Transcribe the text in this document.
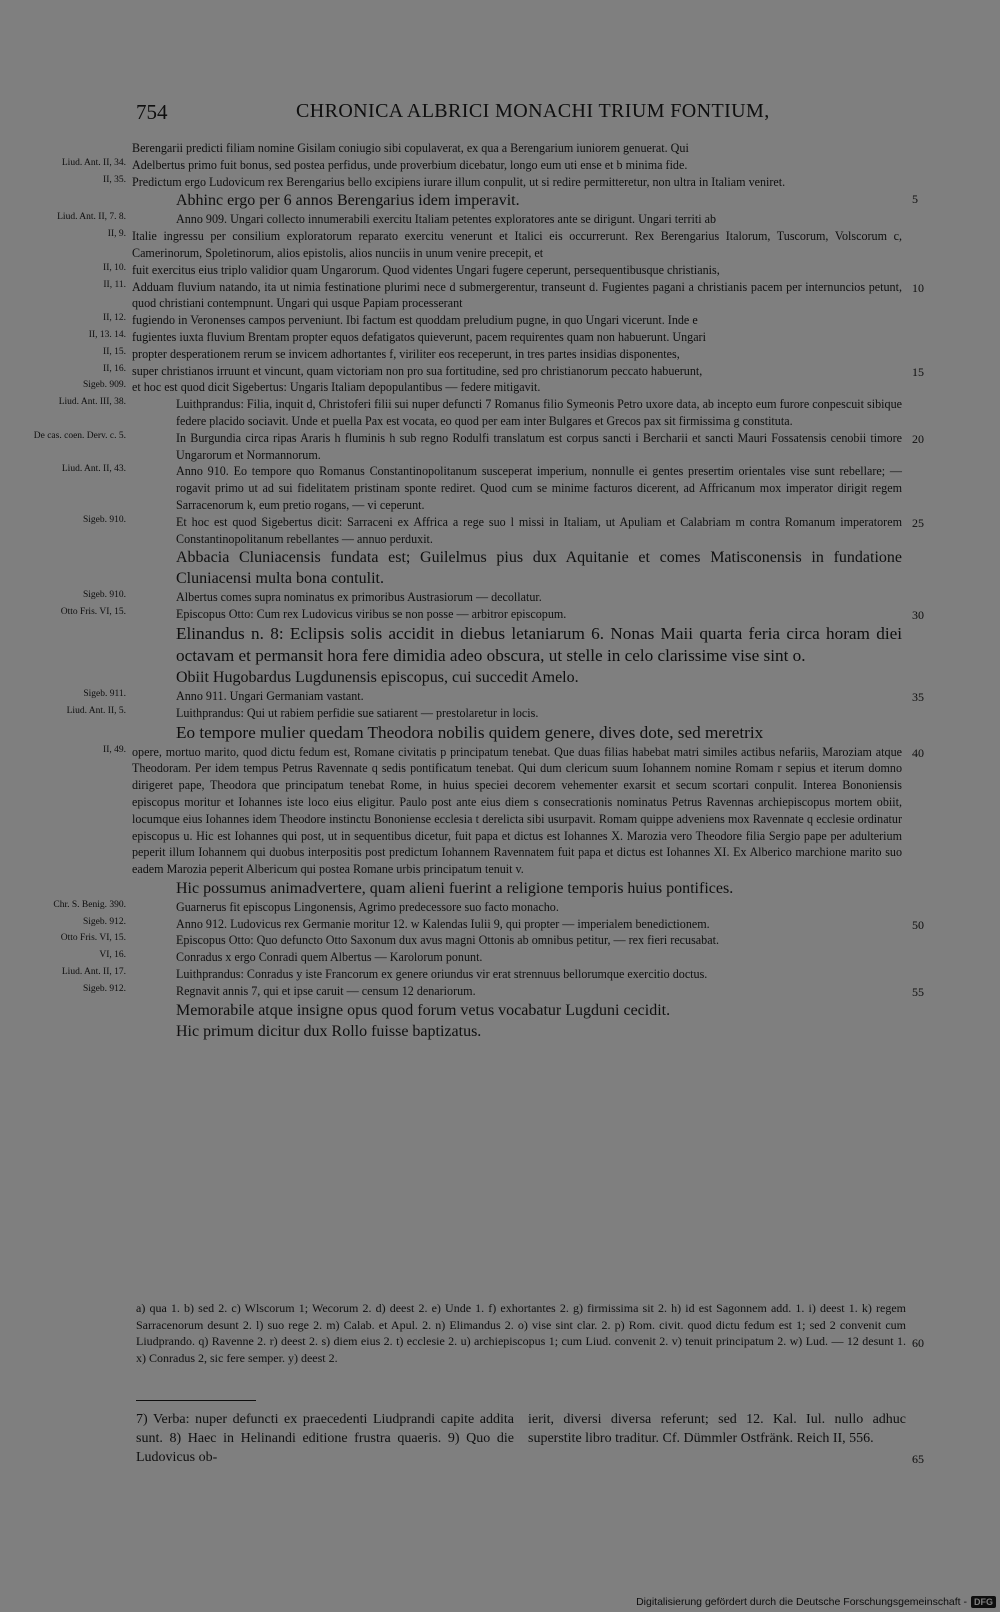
754	CHRONICA ALBRICI MONACHI TRIUM FONTIUM,
Berengarii predicti filiam nomine Gisilam coniugio sibi copulaverat, ex qua a Berengarium iuniorem genuerat. Qui
Liud. Ant. II, 34. Adelbertus primo fuit bonus, sed postea perfidus, unde proverbium dicebatur, longo eum uti ense et b minima fide.
II, 35. Predictum ergo Ludovicum rex Berengarius bello excipiens iurare illum conpulit, ut si redire permitteretur, non ultra in Italiam veniret.
Abhinc ergo per 6 annos Berengarius idem imperavit.	5
Liud. Ant. II, 7. 8.	Anno 909. Ungari collecto innumerabili exercitu Italiam petentes exploratores ante se dirigunt. Ungari territi ab
II, 9. Italie ingressu per consilium exploratorum reparato exercitu venerunt et Italici eis occurrerunt. Rex Berengarius Italorum, Tuscorum, Volscorum c, Camerinorum, Spoletinorum, alios epistolis, alios nunciis in unum venire precepit, et
II, 10. fuit exercitus eius triplo validior quam Ungarorum. Quod videntes Ungari fugere ceperunt, persequentibusque christianis,
II, 11. Adduam fluvium natando, ita ut nimia festinatione plurimi nece d submergerentur, transeunt d. Fugientes pagani a christianis pacem per internuncios petunt, quod christiani contempnunt. Ungari qui usque Papiam processerant
10
II, 12. fugiendo in Veronenses campos perveniunt. Ibi factum est quoddam preludium pugne, in quo Ungari vicerunt. Inde e
II, 13. 14. fugientes iuxta fluvium Brentam propter equos defatigatos quieverunt, pacem requirentes quam non habuerunt. Ungari
II, 15. propter desperationem rerum se invicem adhortantes f, viriliter eos receperunt, in tres partes insidias disponentes,
II, 16. super christianos irruunt et vincunt, quam victoriam non pro sua fortitudine, sed pro christianorum peccato habuerunt,	15
Sigeb. 909. et hoc est quod dicit Sigebertus: Ungaris Italiam depopulantibus — federe mitigavit.
Liud. Ant. III, 38.	Luithprandus: Filia, inquit d, Christoferi filii sui nuper defuncti 7 Romanus filio Symeonis Petro uxore data, ab incepto eum furore conpescuit sibique federe placido sociavit. Unde et puella Pax est vocata, eo quod per eam inter Bulgares et Grecos pax sit firmissima g constituta.
De cas. coen. Derv. c. 5.	In Burgundia circa ripas Araris h fluminis h sub regno Rodulfi translatum est corpus sancti i Bercharii et sancti Mauri Fossatensis cenobii timore Ungarorum et Normannorum.
20
Liud. Ant. II, 43.	Anno 910. Eo tempore quo Romanus Constantinopolitanum susceperat imperium, nonnulle ei gentes presertim orientales vise sunt rebellare; — rogavit primo ut ad sui fidelitatem pristinam sponte rediret. Quod cum se minime facturos dicerent, ad Affricanum mox imperator dirigit regem Sarracenorum k, eum pretio rogans, — vi ceperunt.
Sigeb. 910.	Et hoc est quod Sigebertus dicit: Sarraceni ex Affrica a rege suo l missi in Italiam, ut Apuliam et Calabriam m contra Romanum imperatorem Constantinopolitanum rebellantes — annuo perduxit.
25
Abbacia Cluniacensis fundata est; Guilelmus pius dux Aquitanie et comes Matisconensis in fundatione Cluniacensi multa bona contulit.
Sigeb. 910.	Albertus comes supra nominatus ex primoribus Austrasiorum — decollatur.
Otto Fris. VI, 15.	Episcopus Otto: Cum rex Ludovicus viribus se non posse — arbitror episcopum.	30
Elinandus n. 8: Eclipsis solis accidit in diebus letaniarum 6. Nonas Maii quarta feria circa horam diei octavam et permansit hora fere dimidia adeo obscura, ut stelle in celo clarissime vise sint o.
Obiit Hugobardus Lugdunensis episcopus, cui succedit Amelo.
Sigeb. 911.	Anno 911. Ungari Germaniam vastant.	35
Liud. Ant. II, 5.	Luithprandus: Qui ut rabiem perfidie sue satiarent — prestolaretur in locis.
Eo tempore mulier quedam Theodora nobilis quidem genere, dives dote, sed meretrix
II, 49. opere, mortuo marito, quod dictu fedum est, Romane civitatis p principatum tenebat. Que duas filias habebat matri similes actibus nefariis, Maroziam atque Theodoram. Per idem tempus Petrus Ravennate q sedis pontificatum tenebat. Qui dum clericum suum Iohannem nomine Romam r sepius et iterum domno dirigeret pape, Theodora que principatum tenebat Rome, in huius speciei decorem vehementer exarsit et secum scortari conpulit. Interea Bononiensis episcopus moritur et Iohannes iste loco eius eligitur. Paulo post ante eius diem s consecrationis nominatus Petrus Ravennas archiepiscopus mortem obiit, locumque eius Iohannes idem Theodore instinctu Bononiense ecclesia t derelicta sibi usurpavit. Romam quippe adveniens mox Ravennate q ecclesie ordinatur episcopus u. Hic est Iohannes qui post, ut in sequentibus dicetur, fuit papa et dictus est Iohannes X. Marozia vero Theodore filia Sergio pape per adulterium peperit illum Iohannem qui duobus interpositis post predictum Iohannem Ravennatem fuit papa et dictus est Iohannes XI. Ex Alberico marchione marito suo eadem Marozia peperit Albericum qui postea Romane urbis principatum tenuit v.
40
Hic possumus animadvertere, quam alieni fuerint a religione temporis huius pontifices.
Chr. S. Benig. 390.	Guarnerus fit episcopus Lingonensis, Agrimo predecessore suo facto monacho.
Sigeb. 912.	Anno 912. Ludovicus rex Germanie moritur 12. w Kalendas Iulii 9, qui propter — imperialem benedictionem.	50
Otto Fris. VI, 15.	Episcopus Otto: Quo defuncto Otto Saxonum dux avus magni Ottonis ab omnibus petitur, — rex fieri recusabat.
VI, 16.	Conradus x ergo Conradi quem Albertus — Karolorum ponunt.
Liud. Ant. II, 17.	Luithprandus: Conradus y iste Francorum ex genere oriundus vir erat strennuus bellorumque exercitio doctus.
Sigeb. 912.	Regnavit annis 7, qui et ipse caruit — censum 12 denariorum.	55
Memorabile atque insigne opus quod forum vetus vocabatur Lugduni cecidit.
Hic primum dicitur dux Rollo fuisse baptizatus.
a) qua 1. b) sed 2. c) Wlscorum 1; Wecorum 2. d) deest 2. e) Unde 1. f) exhortantes 2. g) firmissima sit 2. h) id est Sagonnem add. 1. i) deest 1. k) regem Sarracenorum desunt 2. l) suo rege 2. m) Calab. et Apul. 2. n) Elimandus 2. o) vise sint clar. 2. p) Rom. civit. quod dictu fedum est 1; sed 2 convenit cum Liudprando. q) Ravenne 2. r) deest 2. s) diem eius 2. t) ecclesie 2. u) archiepiscopus 1; cum Liud. convenit 2. v) tenuit principatum 2. w) Lud. — 12 desunt 1. x) Conradus 2, sic fere semper. y) deest 2.
60
7) Verba: nuper defuncti ex praecedenti Liudprandi capite addita sunt. 8) Haec in Helinandi editione frustra quaeris. 9) Quo die Ludovicus ob-
ierit, diversi diversa referunt; sed 12. Kal. Iul. nullo adhuc superstite libro traditur. Cf. Dümmler Ostfränk. Reich II, 556.
65
Digitalisierung gefördert durch die Deutsche Forschungsgemeinschaft - DFG
